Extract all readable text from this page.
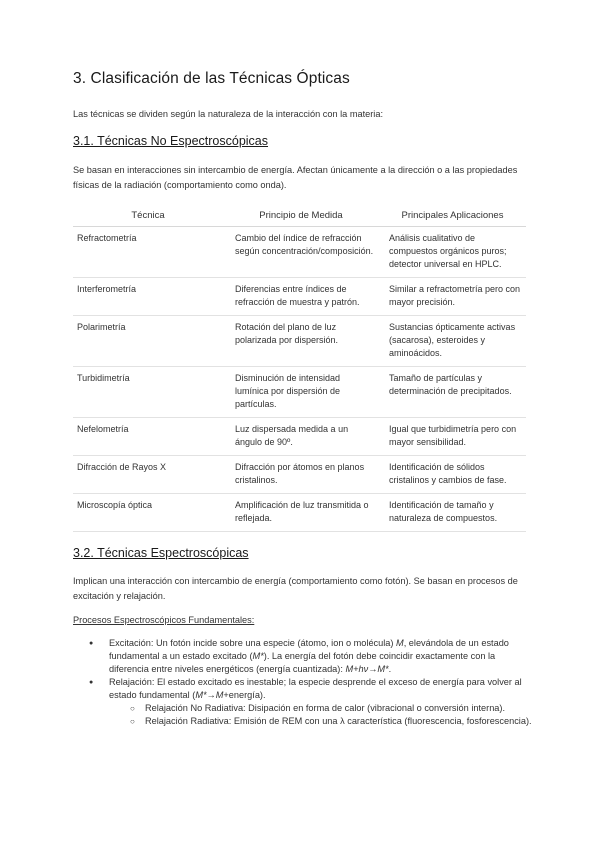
3. Clasificación de las Técnicas Ópticas
Las técnicas se dividen según la naturaleza de la interacción con la materia:
3.1. Técnicas No Espectroscópicas
Se basan en interacciones sin intercambio de energía. Afectan únicamente a la dirección o a las propiedades físicas de la radiación (comportamiento como onda).
Técnica	Principio de Medida	Principales Aplicaciones
Refractometría	Cambio del índice de refracción según concentración/composición.	Análisis cualitativo de compuestos orgánicos puros; detector universal en HPLC.
Interferometría	Diferencias entre índices de refracción de muestra y patrón.	Similar a refractometría pero con mayor precisión.
Polarimetría	Rotación del plano de luz polarizada por dispersión.	Sustancias ópticamente activas (sacarosa), esteroides y aminoácidos.
Turbidimetría	Disminución de intensidad lumínica por dispersión de partículas.	Tamaño de partículas y determinación de precipitados.
Nefelometría	Luz dispersada medida a un ángulo de 90º.	Igual que turbidimetría pero con mayor sensibilidad.
Difracción de Rayos X	Difracción por átomos en planos cristalinos.	Identificación de sólidos cristalinos y cambios de fase.
Microscopía óptica	Amplificación de luz transmitida o reflejada.	Identificación de tamaño y naturaleza de compuestos.
3.2. Técnicas Espectroscópicas
Implican una interacción con intercambio de energía (comportamiento como fotón). Se basan en procesos de excitación y relajación.
Procesos Espectroscópicos Fundamentales:
● Excitación: Un fotón incide sobre una especie (átomo, ion o molécula) M, elevándola de un estado fundamental a un estado excitado (M*). La energía del fotón debe coincidir exactamente con la diferencia entre niveles energéticos (energía cuantizada): M+hν→M*.
● Relajación: El estado excitado es inestable; la especie desprende el exceso de energía para volver al estado fundamental (M*→M+energía).
○ Relajación No Radiativa: Disipación en forma de calor (vibracional o conversión interna).
○ Relajación Radiativa: Emisión de REM con una λ característica (fluorescencia, fosforescencia).
